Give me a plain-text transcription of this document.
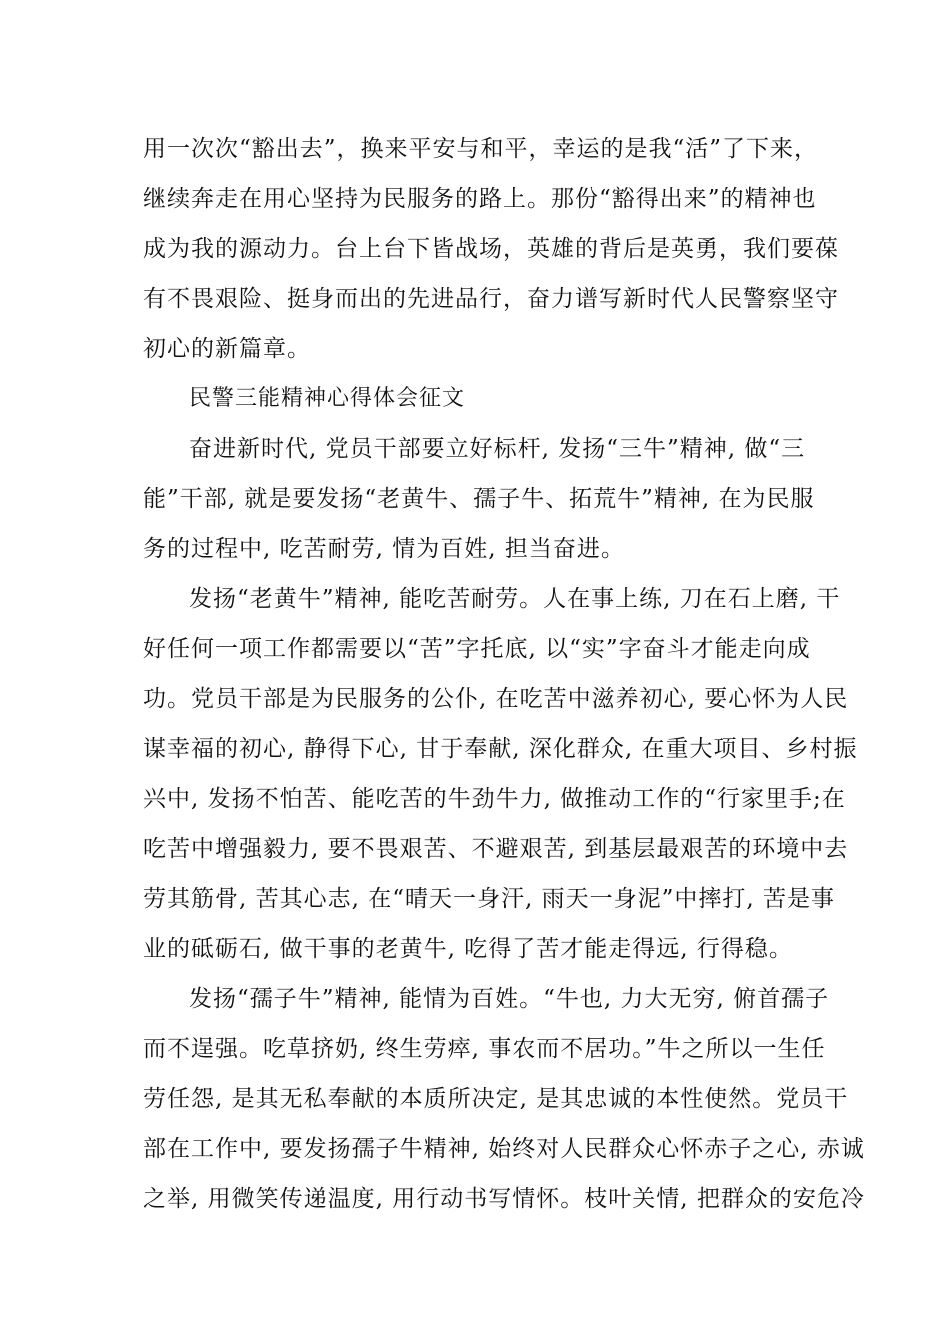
用一次次“豁出去”，换来平安与和平，幸运的是我“活”了下来，
继续奔走在用心坚持为民服务的路上。那份“豁得出来”的精神也
成为我的源动力。台上台下皆战场，英雄的背后是英勇，我们要葆
有不畏艰险、挺身而出的先进品行，奋力谱写新时代人民警察坚守
初心的新篇章。
民警三能精神心得体会征文
奋进新时代, 党员干部要立好标杆, 发扬“三牛”精神, 做“三
能”干部, 就是要发扬“老黄牛、孺子牛、拓荒牛”精神, 在为民服
务的过程中, 吃苦耐劳, 情为百姓, 担当奋进。
发扬“老黄牛”精神, 能吃苦耐劳。人在事上练, 刀在石上磨, 干
好任何一项工作都需要以“苦”字托底, 以“实”字奋斗才能走向成
功。党员干部是为民服务的公仆, 在吃苦中滋养初心, 要心怀为人民
谋幸福的初心, 静得下心, 甘于奉献, 深化群众, 在重大项目、乡村振
兴中, 发扬不怕苦、能吃苦的牛劲牛力, 做推动工作的“行家里手;在
吃苦中增强毅力, 要不畏艰苦、不避艰苦, 到基层最艰苦的环境中去
劳其筋骨, 苦其心志, 在“晴天一身汗, 雨天一身泥”中摔打, 苦是事
业的砥砺石, 做干事的老黄牛, 吃得了苦才能走得远, 行得稳。
发扬“孺子牛”精神, 能情为百姓。“牛也, 力大无穷, 俯首孺子
而不逞强。吃草挤奶, 终生劳瘁, 事农而不居功。”牛之所以一生任
劳任怨, 是其无私奉献的本质所决定, 是其忠诚的本性使然。党员干
部在工作中, 要发扬孺子牛精神, 始终对人民群众心怀赤子之心, 赤诚
之举, 用微笑传递温度, 用行动书写情怀。枝叶关情, 把群众的安危冷
